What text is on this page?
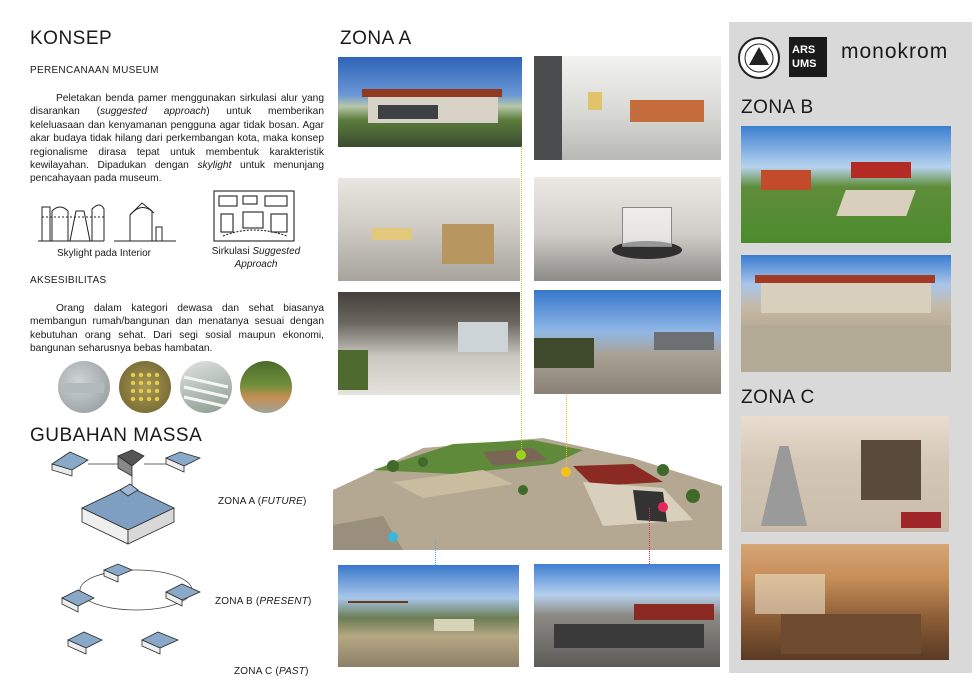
KONSEP
PERENCANAAN MUSEUM
Peletakan benda pamer menggunakan sirkulasi alur yang disarankan (suggested approach) untuk memberikan keleluasaan dan kenyamanan pengguna agar tidak bosan. Agar akar budaya tidak hilang dari perkembangan kota, maka konsep regionalisme dirasa tepat untuk membentuk karakteristik kewilayahan. Dipadukan dengan skylight untuk menunjang pencahayaan pada museum.
Skylight pada Interior	Sirkulasi Suggested Approach
AKSESIBILITAS
Orang dalam kategori dewasa dan sehat biasanya membangun rumah/bangunan dan menatanya sesuai dengan kebutuhan orang sehat. Dari segi sosial maupun ekonomi, bangunan seharusnya bebas hambatan.
GUBAHAN MASSA
ZONA A (FUTURE)
ZONA B (PRESENT)
ZONA C (PAST)
ZONA A
ARS
UMS
monokrom
ZONA B
ZONA C
